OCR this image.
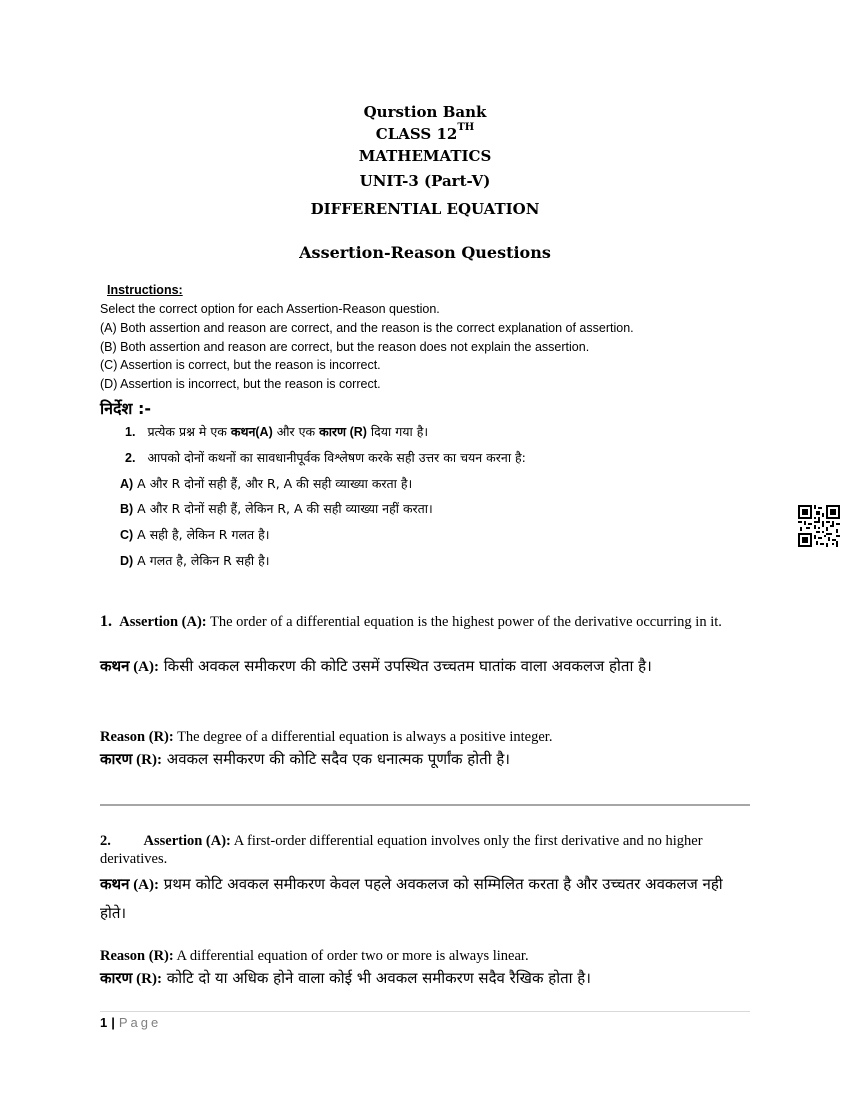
Qurstion Bank
CLASS 12TH
MATHEMATICS
UNIT-3 (Part-V)
DIFFERENTIAL EQUATION
Assertion-Reason Questions
Instructions:
Select the correct option for each Assertion-Reason question.
(A) Both assertion and reason are correct, and the reason is the correct explanation of assertion.
(B) Both assertion and reason are correct, but the reason does not explain the assertion.
(C) Assertion is correct, but the reason is incorrect.
(D) Assertion is incorrect, but the reason is correct.
निर्देश :-
1. प्रत्येक प्रश्न मे एक कथन(A) और एक कारण (R) दिया गया है।
2. आपको दोनों कथनों का सावधानीपूर्वक विश्लेषण करके सही उत्तर का चयन करना है:
A) A और R दोनों सही हैं, और R, A की सही व्याख्या करता है।
B) A और R दोनों सही हैं, लेकिन R, A की सही व्याख्या नहीं करता।
C) A सही है, लेकिन R गलत है।
D) A गलत है, लेकिन R सही है।
1. Assertion (A): The order of a differential equation is the highest power of the derivative occurring in it.
कथन (A): किसी अवकल समीकरण की कोटि उसमें उपस्थित उच्चतम घातांक वाला अवकलज होता है।
Reason (R): The degree of a differential equation is always a positive integer.
कारण (R): अवकल समीकरण की कोटि सदैव एक धनात्मक पूर्णांक होती है।
2. Assertion (A): A first-order differential equation involves only the first derivative and no higher derivatives.
कथन (A): प्रथम कोटि अवकल समीकरण केवल पहले अवकलज को सम्मिलित करता है और उच्चतर अवकलज नही होते।
Reason (R): A differential equation of order two or more is always linear.
कारण (R): कोटि दो या अधिक होने वाला कोई भी अवकल समीकरण सदैव रैखिक होता है।
1 | Page
